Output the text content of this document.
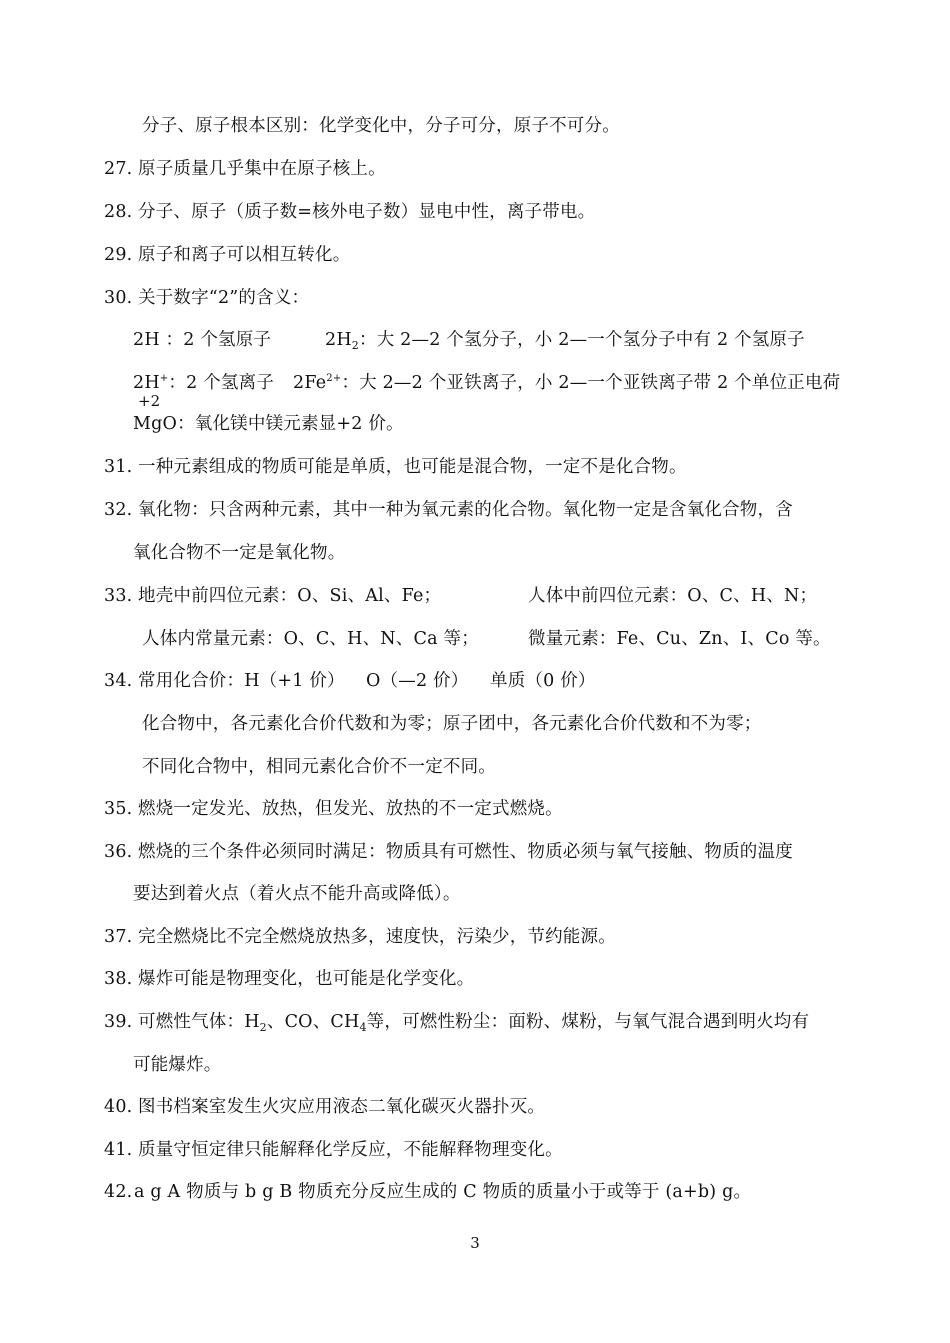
分子、原子根本区别：化学变化中，分子可分，原子不可分。
27. 原子质量几乎集中在原子核上。
28. 分子、原子（质子数=核外电子数）显电中性，离子带电。
29. 原子和离子可以相互转化。
30. 关于数字“2”的含义：
2H ：2 个氢原子	$2H_2$：大 2—2 个氢分子，小 2—一个氢分子中有 2 个氢原子
2H+：2 个氢离子 $2Fe^{2+}$：大 2—2 个亚铁离子，小 2—一个亚铁离子带 2 个单位正电荷
+2
MgO：氧化镁中镁元素显+2 价。
31. 一种元素组成的物质可能是单质，也可能是混合物，一定不是化合物。
32. 氧化物：只含两种元素，其中一种为氧元素的化合物。氧化物一定是含氧化合物，含
氧化合物不一定是氧化物。
33. 地壳中前四位元素：O、Si、Al、Fe；	人体中前四位元素：O、C、H、N；
人体内常量元素：O、C、H、N、Ca 等；	微量元素：Fe、Cu、Zn、I、Co 等。
34. 常用化合价：H（+1 价） O（—2 价） 单质（0 价）
化合物中，各元素化合价代数和为零；原子团中，各元素化合价代数和不为零；
不同化合物中，相同元素化合价不一定不同。
35. 燃烧一定发光、放热，但发光、放热的不一定式燃烧。
36. 燃烧的三个条件必须同时满足：物质具有可燃性、物质必须与氧气接触、物质的温度
要达到着火点（着火点不能升高或降低）。
37. 完全燃烧比不完全燃烧放热多，速度快，污染少，节约能源。
38. 爆炸可能是物理变化，也可能是化学变化。
39. 可燃性气体：$H_2$、CO、$CH_4$等，可燃性粉尘：面粉、煤粉，与氧气混合遇到明火均有
可能爆炸。
40. 图书档案室发生火灾应用液态二氧化碳灭火器扑灭。
41. 质量守恒定律只能解释化学反应，不能解释物理变化。
42.a g A 物质与 b g B 物质充分反应生成的 C 物质的质量小于或等于 (a+b) g。
3
